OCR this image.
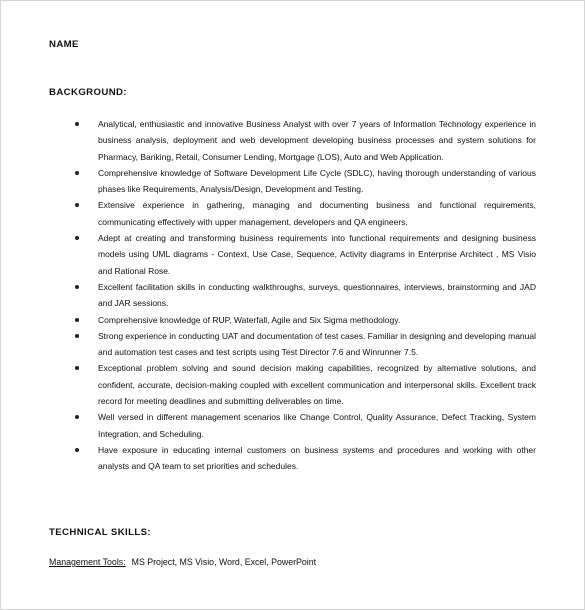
NAME
BACKGROUND:
Analytical, enthusiastic and innovative Business Analyst with over 7 years of Information Technology experience in business analysis, deployment and web development developing business processes and system solutions for Pharmacy, Banking, Retail, Consumer Lending, Mortgage (LOS), Auto and Web Application.
Comprehensive knowledge of Software Development Life Cycle (SDLC), having thorough understanding of various phases like Requirements, Analysis/Design, Development and Testing.
Extensive experience in gathering, managing and documenting business and functional requirements, communicating effectively with upper management, developers and QA engineers.
Adept at creating and transforming business requirements into functional requirements and designing business models using UML diagrams - Context, Use Case, Sequence, Activity diagrams in Enterprise Architect , MS Visio and Rational Rose.
Excellent facilitation skills in conducting walkthroughs, surveys, questionnaires, interviews, brainstorming and JAD and JAR sessions.
Comprehensive knowledge of RUP, Waterfall, Agile and Six Sigma methodology.
Strong experience in conducting UAT and documentation of test cases. Familiar in designing and developing manual and automation test cases and test scripts using Test Director 7.6 and Winrunner 7.5.
Exceptional problem solving and sound decision making capabilities, recognized by alternative solutions, and confident, accurate, decision-making coupled with excellent communication and interpersonal skills. Excellent track record for meeting deadlines and submitting deliverables on time.
Well versed in different management scenarios like Change Control, Quality Assurance, Defect Tracking, System Integration, and Scheduling.
Have exposure in educating internal customers on business systems and procedures and working with other analysts and QA team to set priorities and schedules.
TECHNICAL SKILLS:
Management Tools: MS Project, MS Visio, Word, Excel, PowerPoint
